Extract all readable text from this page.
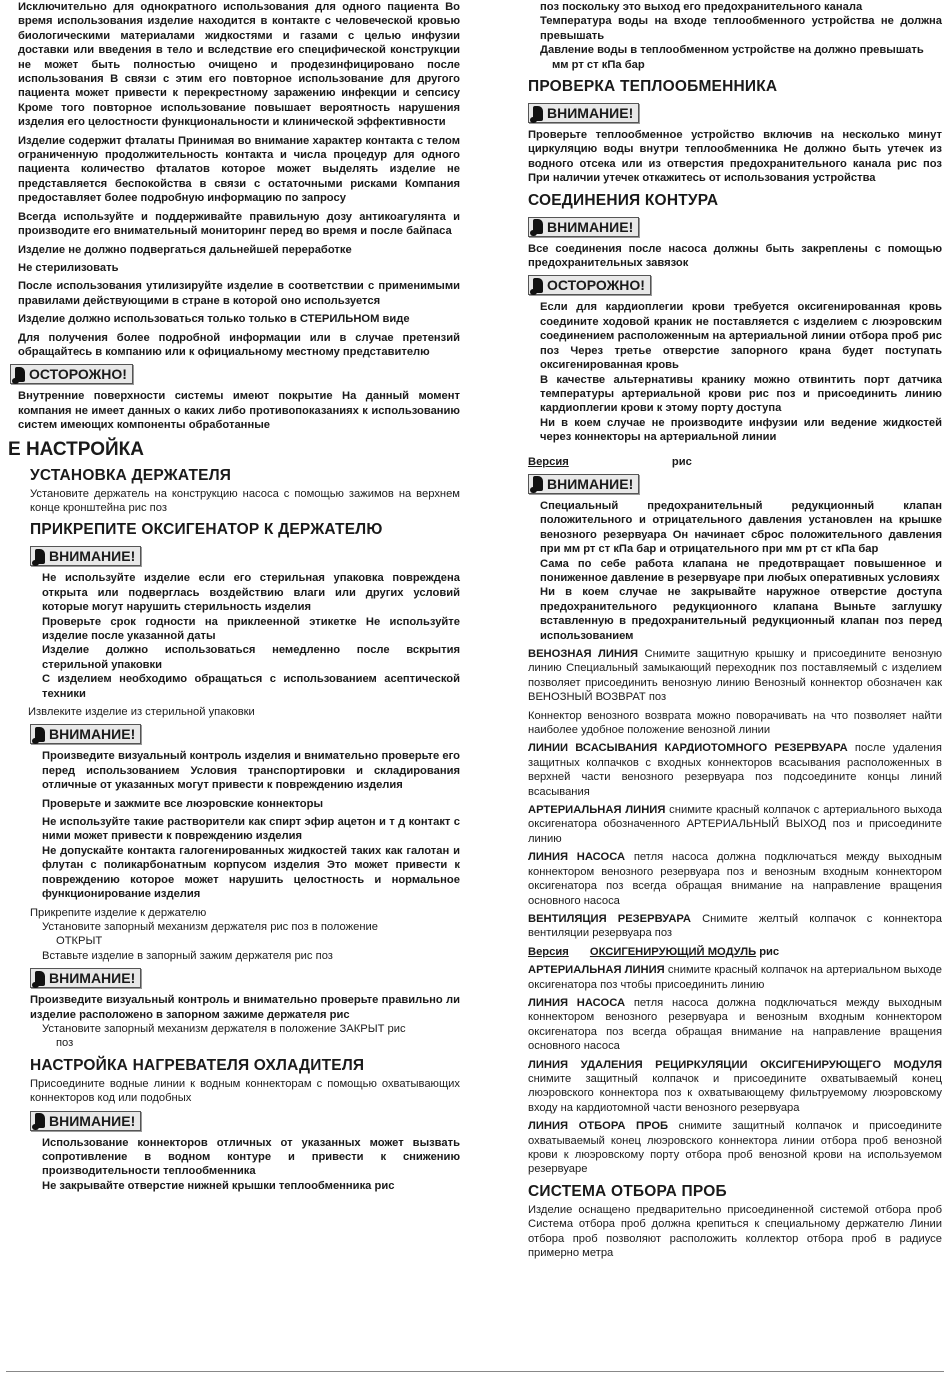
Исключительно для однократного использования для одного пациента Во время использования изделие находится в контакте с человеческой кровью биологическими материалами жидкостями и газами с целью инфузии доставки или введения в тело и вследствие его специфической конструкции не может быть полностью очищено и продезинфицировано после использования В связи с этим его повторное использование для другого пациента может привести к перекрестному заражению инфекции и сепсису Кроме того повторное использование повышает вероятность нарушения изделия его целостности функциональности и клинической эффективности

Изделие содержит фталаты Принимая во внимание характер контакта с телом ограниченную продолжительность контакта и числа процедур для одного пациента количество фталатов которое может выделять изделие не представляется беспокойства в связи с остаточными рисками Компания предоставляет более подробную информацию по запросу

Всегда используйте и поддерживайте правильную дозу антикоагулянта и производите его внимательный мониторинг перед во время и после байпаса

Изделие не должно подвергаться дальнейшей переработке

Не стерилизовать

После использования утилизируйте изделие в соответствии с применимыми правилами действующими в стране в которой оно используется

Изделие должно использоваться только только в СТЕРИЛЬНОМ виде

Для получения более подробной информации или в случае претензий обращайтесь в компанию или к официальному местному представителю

ОСТОРОЖНО!

Внутренние поверхности системы имеют покрытие На данный момент компания не имеет данных о каких либо противопоказаниях к использованию систем имеющих компоненты обработанные

Е НАСТРОЙКА
УСТАНОВКА ДЕРЖАТЕЛЯ

Установите держатель на конструкцию насоса с помощью зажимов на верхнем конце кронштейна рис поз

ПРИКРЕПИТЕ ОКСИГЕНАТОР К ДЕРЖАТЕЛЮ
ВНИМАНИЕ!

Не используйте изделие если его стерильная упаковка повреждена открыта или подверглась воздействию влаги или других условий которые могут нарушить стерильность изделия

Проверьте срок годности на приклеенной этикетке Не используйте изделие после указанной даты

Изделие должно использоваться немедленно после вскрытия стерильной упаковки

С изделием необходимо обращаться с использованием асептической техники

Извлеките изделие из стерильной упаковки

ВНИМАНИЕ!

Произведите визуальный контроль изделия и внимательно проверьте его перед использованием Условия транспортировки и складирования отличные от указанных могут привести к повреждению изделия

Проверьте и зажмите все люэровские коннекторы

Не используйте такие растворители как спирт эфир ацетон и т д контакт с ними может привести к повреждению изделия

Не допускайте контакта галогенированных жидкостей таких как галотан и флутан с поликарбонатным корпусом изделия Это может привести к повреждению которое может нарушить целостность и нормальное функционирование изделия

Прикрепите изделие к держателю

Установите запорный механизм держателя рис поз в положение

ОТКРЫТ

Вставьте изделие в запорный зажим держателя рис поз

ВНИМАНИЕ!

Произведите визуальный контроль и внимательно проверьте правильно ли изделие расположено в запорном зажиме держателя рис

Установите запорный механизм держателя в положение ЗАКРЫТ рис

поз

НАСТРОЙКА НАГРЕВАТЕЛЯ ОХЛАДИТЕЛЯ

Присоедините водные линии к водным коннекторам с помощью охватывающих коннекторов код или подобных

ВНИМАНИЕ!

Использование коннекторов отличных от указанных может вызвать сопротивление в водном контуре и привести к снижению производительности теплообменника

Не закрывайте отверстие нижней крышки теплообменника рис

поз поскольку это выход его предохранительного канала

Температура воды на входе теплообменного устройства не должна превышать

Давление воды в теплообменном устройстве на должно превышать

мм рт ст кПа бар

ПРОВЕРКА ТЕПЛООБМЕННИКА
ВНИМАНИЕ!

Проверьте теплообменное устройство включив на несколько минут циркуляцию воды внутри теплообменника Не должно быть утечек из водного отсека или из отверстия предохранительного канала рис поз При наличии утечек откажитесь от использования устройства

СОЕДИНЕНИЯ КОНТУРА
ВНИМАНИЕ!

Все соединения после насоса должны быть закреплены с помощью предохранительных завязок

ОСТОРОЖНО!

Если для кардиоплегии крови требуется оксигенированная кровь соедините ходовой краник не поставляется с изделием с люэровским соединением расположенным на артериальной линии отбора проб рис поз Через третье отверстие запорного крана будет поступать оксигенированная кровь

В качестве альтернативы кранику можно отвинтить порт датчика температуры артериальной крови рис поз и присоединить линию кардиоплегии крови к этому порту доступа

Ни в коем случае не производите инфузии или ведение жидкостей через коннекторы на артериальной линии

Версия	рис

ВНИМАНИЕ!

Специальный предохранительный редукционный клапан положительного и отрицательного давления установлен на крышке венозного резервуара Он начинает сброс положительного давления при мм рт ст кПа бар и отрицательного при мм рт ст кПа бар

Сама по себе работа клапана не предотвращает повышенное и пониженное давление в резервуаре при любых оперативных условиях

Ни в коем случае не закрывайте наружное отверстие доступа предохранительного редукционного клапана Выньте заглушку вставленную в предохранительный редукционный клапан поз перед использованием

ВЕНОЗНАЯ ЛИНИЯ Снимите защитную крышку и присоедините венозную линию Специальный замыкающий переходник поз поставляемый с изделием позволяет присоединить венозную линию Венозный коннектор обозначен как ВЕНОЗНЫЙ ВОЗВРАТ поз

Коннектор венозного возврата можно поворачивать на что позволяет найти наиболее удобное положение венозной линии

ЛИНИИ ВСАСЫВАНИЯ КАРДИОТОМНОГО РЕЗЕРВУАРА после удаления защитных колпачков с входных коннекторов всасывания расположенных в верхней части венозного резервуара поз подсоедините концы линий всасывания

АРТЕРИАЛЬНАЯ ЛИНИЯ снимите красный колпачок с артериального выхода оксигенатора обозначенного АРТЕРИАЛЬНЫЙ ВЫХОД поз и присоедините линию

ЛИНИЯ НАСОСА петля насоса должна подключаться между выходным коннектором венозного резервуара поз и венозным входным коннектором оксигенатора поз всегда обращая внимание на направление вращения основного насоса

ВЕНТИЛЯЦИЯ РЕЗЕРВУАРА Снимите желтый колпачок с коннектора вентиляции резервуара поз

Версия ОКСИГЕНИРУЮЩИЙ МОДУЛЬ рис

АРТЕРИАЛЬНАЯ ЛИНИЯ снимите красный колпачок на артериальном выходе оксигенатора поз чтобы присоединить линию

ЛИНИЯ НАСОСА петля насоса должна подключаться между выходным коннектором венозного резервуара и венозным входным коннектором оксигенатора поз всегда обращая внимание на направление вращения основного насоса

ЛИНИЯ УДАЛЕНИЯ РЕЦИРКУЛЯЦИИ ОКСИГЕНИРУЮЩЕГО МОДУЛЯ снимите защитный колпачок и присоедините охватываемый конец люэровского коннектора поз к охватывающему фильтруемому люэровскому входу на кардиотомной части венозного резервуара

ЛИНИЯ ОТБОРА ПРОБ снимите защитный колпачок и присоедините охватываемый конец люэровского коннектора линии отбора проб венозной крови к люэровскому порту отбора проб венозной крови на используемом резервуаре

СИСТЕМА ОТБОРА ПРОБ

Изделие оснащено предварительно присоединенной системой отбора проб Система отбора проб должна крепиться к специальному держателю Линии отбора проб позволяют расположить коллектор отбора проб в радиусе примерно метра
